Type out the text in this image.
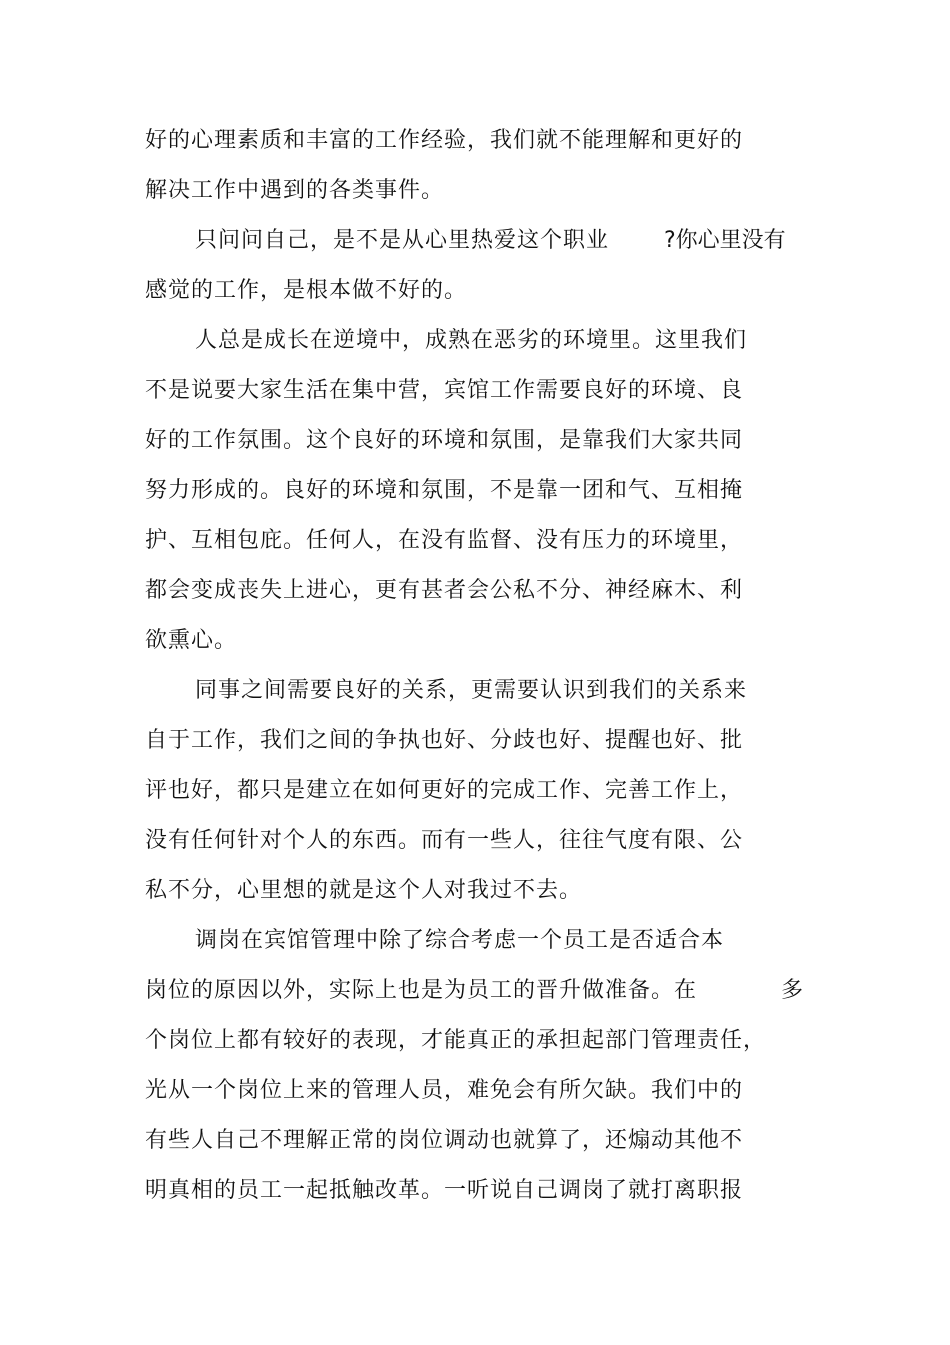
好的心理素质和丰富的工作经验，我们就不能理解和更好的
解决工作中遇到的各类事件。
只问问自己，是不是从心里热爱这个职业 ?你心里没有
感觉的工作，是根本做不好的。
人总是成长在逆境中，成熟在恶劣的环境里。这里我们
不是说要大家生活在集中营，宾馆工作需要良好的环境、良
好的工作氛围。这个良好的环境和氛围，是靠我们大家共同
努力形成的。良好的环境和氛围，不是靠一团和气、互相掩
护、互相包庇。任何人，在没有监督、没有压力的环境里，
都会变成丧失上进心，更有甚者会公私不分、神经麻木、利
欲熏心。
同事之间需要良好的关系，更需要认识到我们的关系来
自于工作，我们之间的争执也好、分歧也好、提醒也好、批
评也好，都只是建立在如何更好的完成工作、完善工作上，
没有任何针对个人的东西。而有一些人，往往气度有限、公
私不分，心里想的就是这个人对我过不去。
调岗在宾馆管理中除了综合考虑一个员工是否适合本
岗位的原因以外，实际上也是为员工的晋升做准备。在	多
个岗位上都有较好的表现，才能真正的承担起部门管理责任，
光从一个岗位上来的管理人员，难免会有所欠缺。我们中的
有些人自己不理解正常的岗位调动也就算了，还煽动其他不
明真相的员工一起抵触改革。一听说自己调岗了就打离职报
